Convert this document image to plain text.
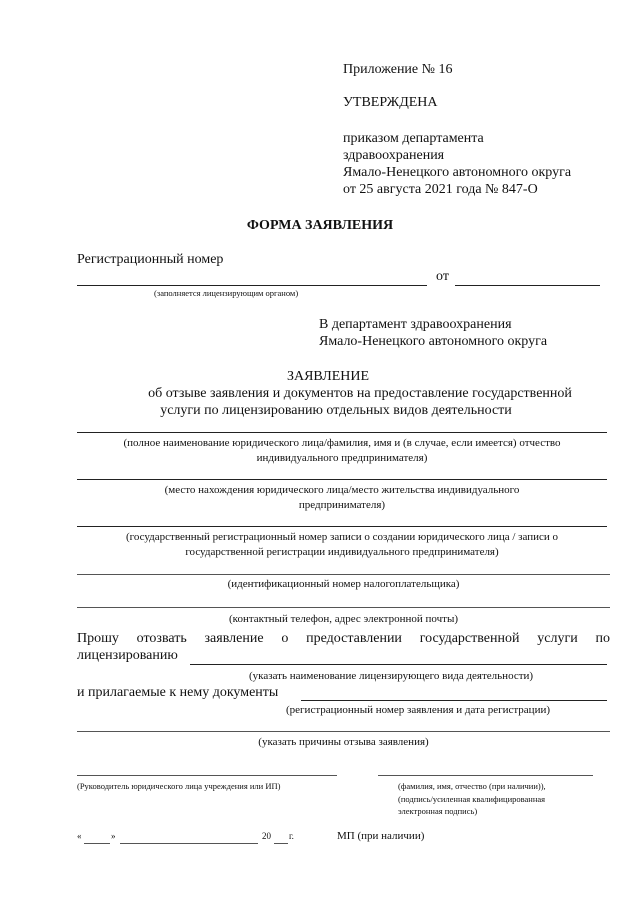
Приложение № 16
УТВЕРЖДЕНА
приказом департамента
здравоохранения
Ямало-Ненецкого автономного округа
от 25 августа 2021 года № 847-О
ФОРМА ЗАЯВЛЕНИЯ
Регистрационный номер
от
(заполняется лицензирующим органом)
В департамент здравоохранения
Ямало-Ненецкого автономного округа
ЗАЯВЛЕНИЕ
об отзыве заявления и документов на предоставление государственной
услуги по лицензированию отдельных видов деятельности
(полное наименование юридического лица/фамилия, имя и (в случае, если имеется) отчество
индивидуального предпринимателя)
(место нахождения юридического лица/место жительства индивидуального
предпринимателя)
(государственный регистрационный номер записи о создании юридического лица / записи о
государственной регистрации индивидуального предпринимателя)
(идентификационный номер налогоплательщика)
(контактный телефон, адрес электронной почты)
Прошу отозвать заявление о предоставлении государственной услуги по
лицензированию
(указать наименование лицензирующего вида деятельности)
и прилагаемые к нему документы
(регистрационный номер заявления и дата регистрации)
(указать причины отзыва заявления)
(Руководитель юридического лица учреждения или ИП)	(фамилия, имя, отчество (при наличии)),
(подпись/усиленная квалифицированная
электронная подпись)
«	»	20 г.	МП (при наличии)
